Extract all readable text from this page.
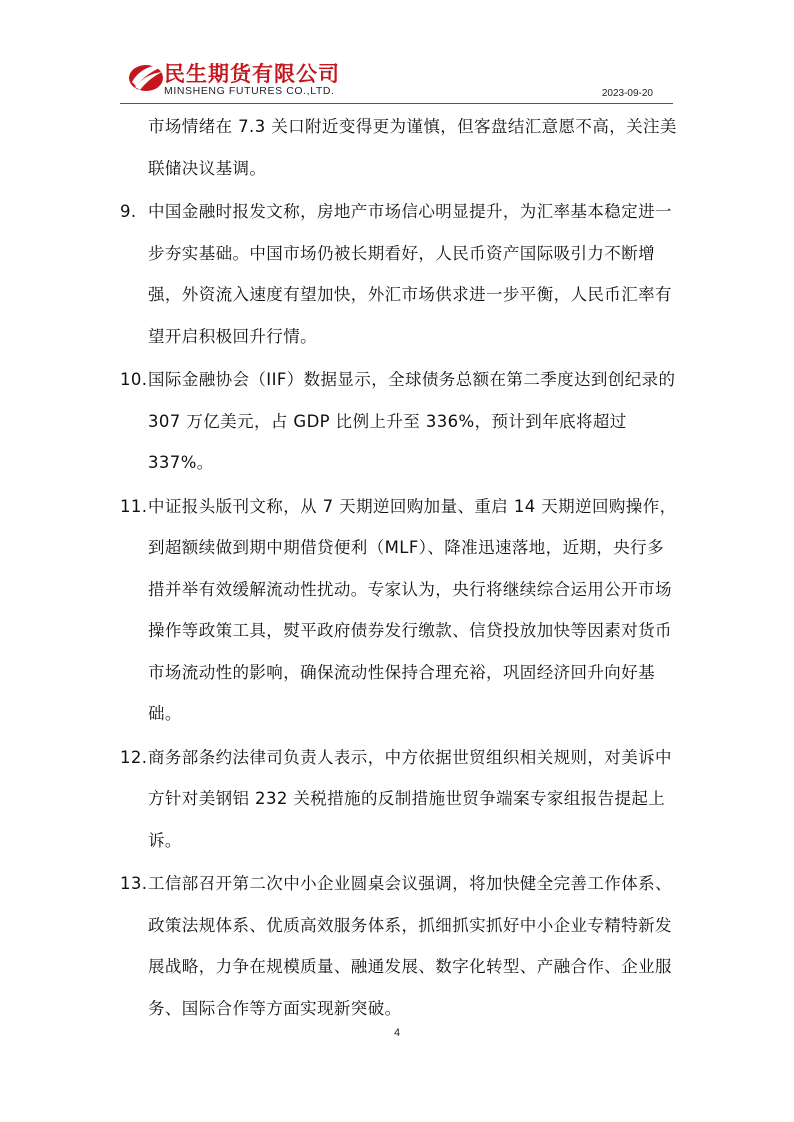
民生期货有限公司
MINSHENG FUTURES CO.,LTD.	2023-09-20
市场情绪在 7.3 关口附近变得更为谨慎，但客盘结汇意愿不高，关注美联储决议基调。
9. 中国金融时报发文称，房地产市场信心明显提升，为汇率基本稳定进一步夯实基础。中国市场仍被长期看好，人民币资产国际吸引力不断增强，外资流入速度有望加快，外汇市场供求进一步平衡，人民币汇率有望开启积极回升行情。
10. 国际金融协会（IIF）数据显示，全球债务总额在第二季度达到创纪录的 307 万亿美元，占 GDP 比例上升至 336%，预计到年底将超过 337%。
11. 中证报头版刊文称，从 7 天期逆回购加量、重启 14 天期逆回购操作，到超额续做到期中期借贷便利（MLF）、降准迅速落地，近期，央行多措并举有效缓解流动性扰动。专家认为，央行将继续综合运用公开市场操作等政策工具，熨平政府债券发行缴款、信贷投放加快等因素对货币市场流动性的影响，确保流动性保持合理充裕，巩固经济回升向好基础。
12. 商务部条约法律司负责人表示，中方依据世贸组织相关规则，对美诉中方针对美钢铝 232 关税措施的反制措施世贸争端案专家组报告提起上诉。
13. 工信部召开第二次中小企业圆桌会议强调，将加快健全完善工作体系、政策法规体系、优质高效服务体系，抓细抓实抓好中小企业专精特新发展战略，力争在规模质量、融通发展、数字化转型、产融合作、企业服务、国际合作等方面实现新突破。
4
